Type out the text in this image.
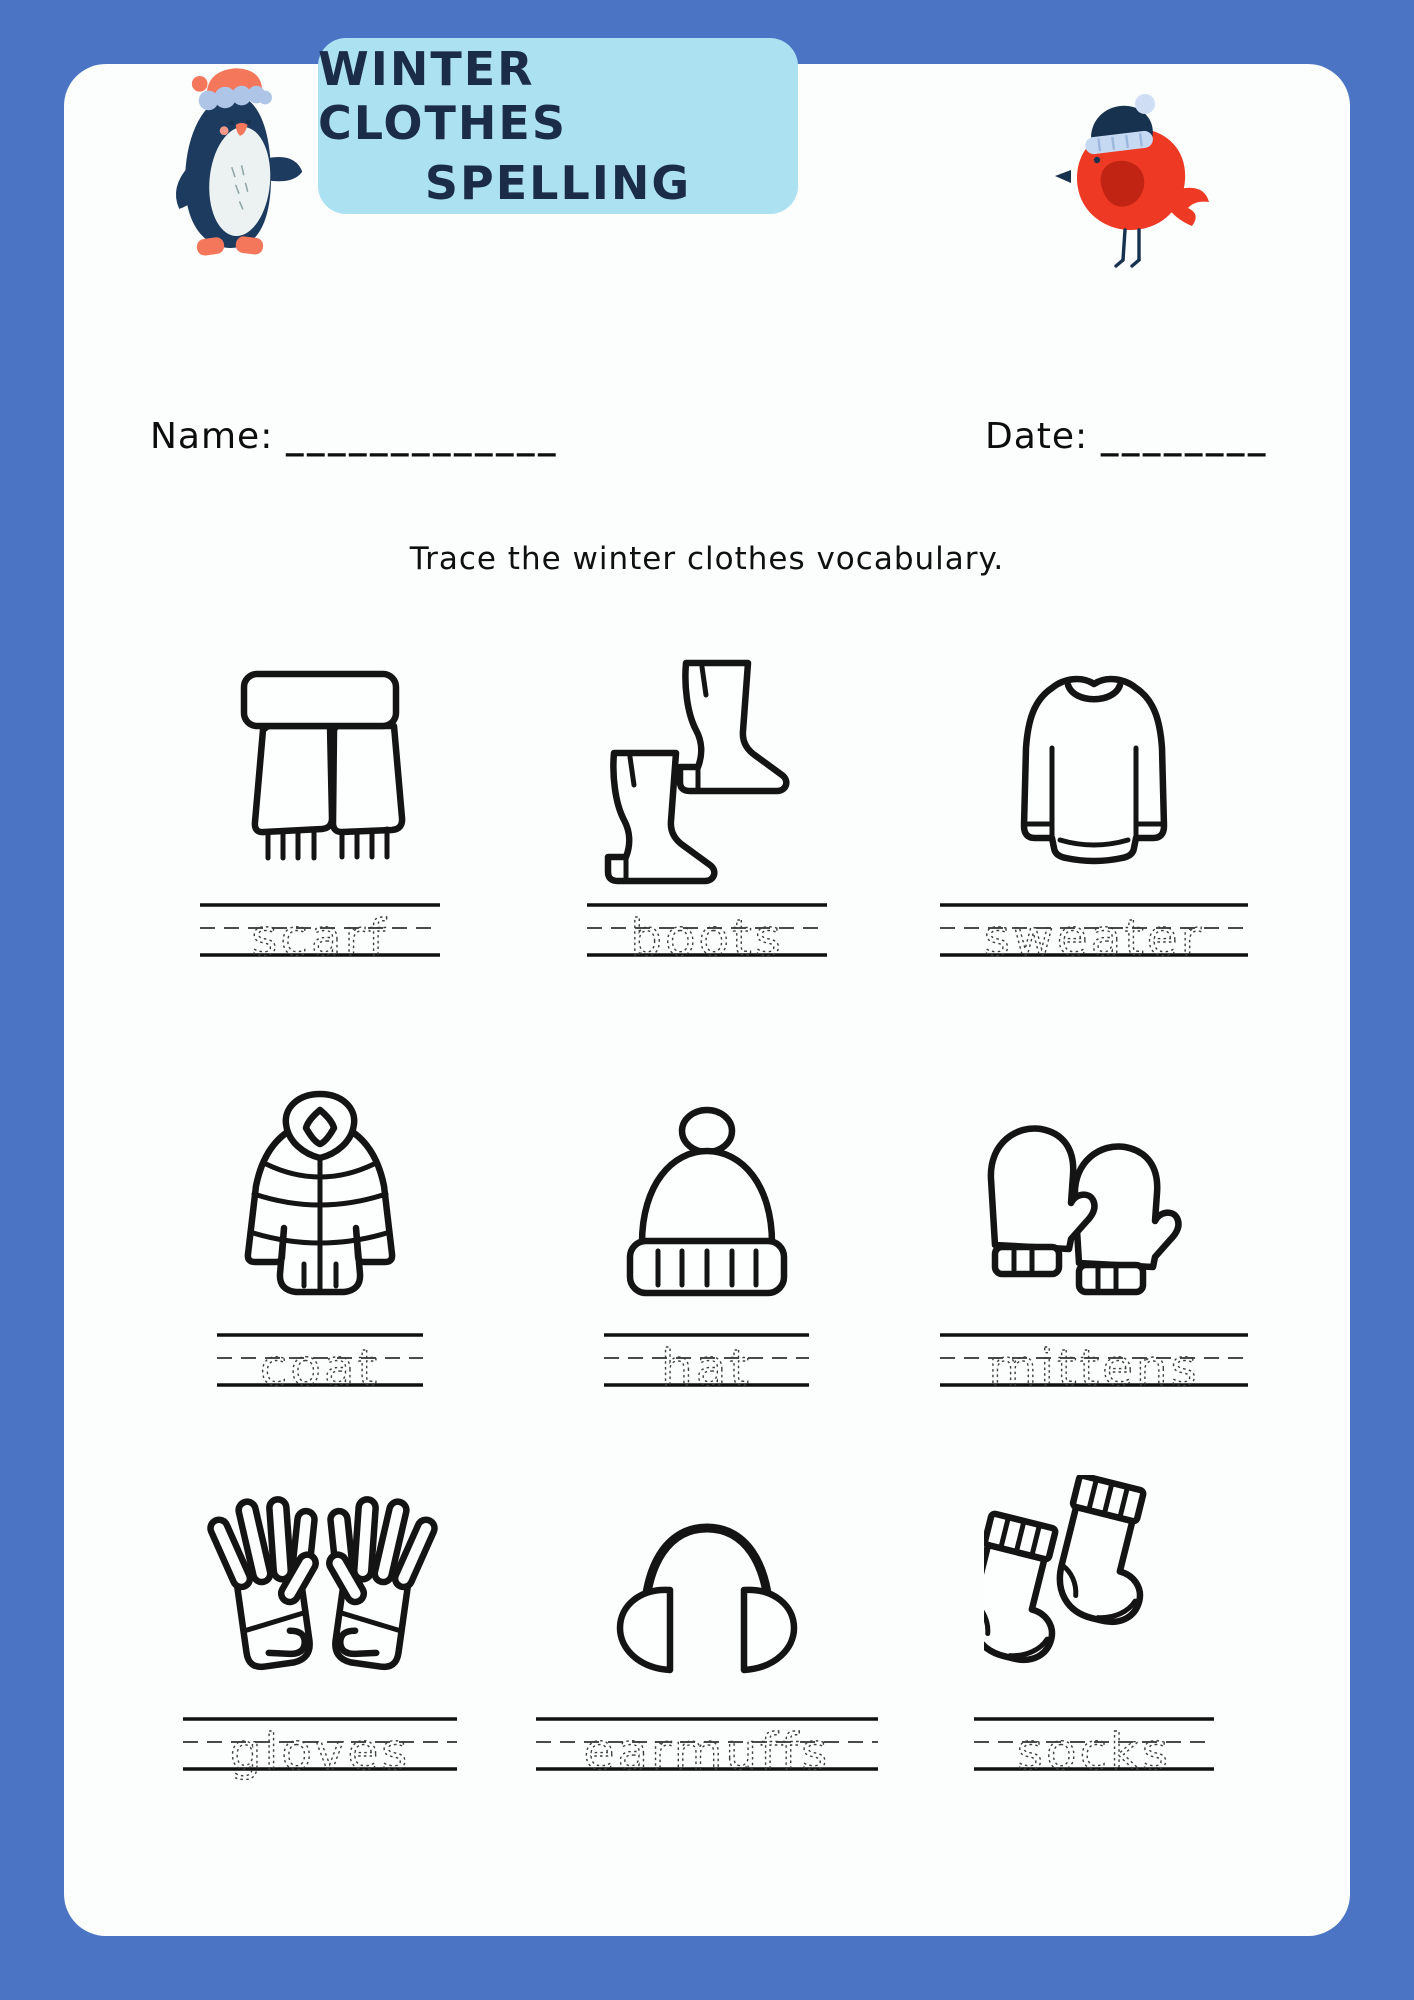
WINTER CLOTHES
SPELLING
Name: _____________	Date: ________
Trace the winter clothes vocabulary.
scarf	boots	sweater
coat	hat	mittens
gloves	earmuffs	socks
